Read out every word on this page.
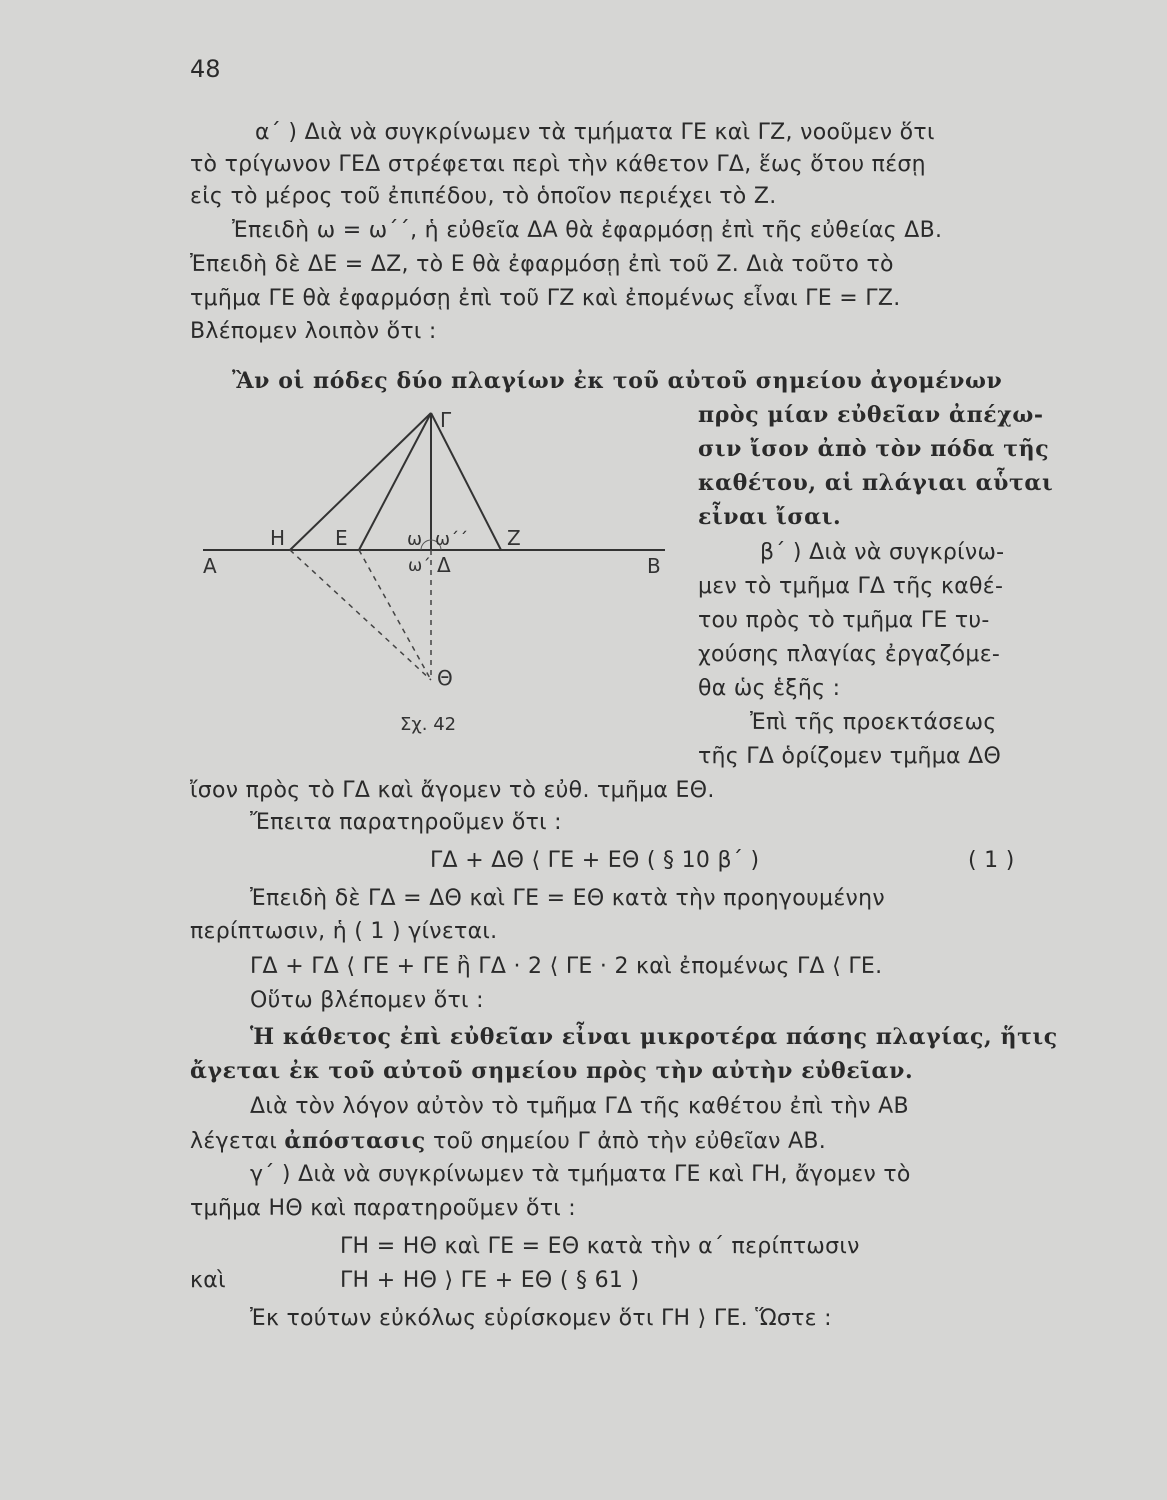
48
α΄ ) Διὰ νὰ συγκρίνωμεν τὰ τμήματα ΓΕ καὶ ΓΖ, νοοῦμεν ὅτι
τὸ τρίγωνον ΓΕΔ στρέφεται περὶ τὴν κάθετον ΓΔ, ἕως ὅτου πέσῃ
εἰς τὸ μέρος τοῦ ἐπιπέδου, τὸ ὁποῖον περιέχει τὸ Ζ.
Ἐπειδὴ ω = ω΄΄, ἡ εὐθεῖα ΔΑ θὰ ἐφαρμόσῃ ἐπὶ τῆς εὐθείας ΔΒ.
Ἐπειδὴ δὲ ΔΕ = ΔΖ, τὸ Ε θὰ ἐφαρμόσῃ ἐπὶ τοῦ Ζ. Διὰ τοῦτο τὸ
τμῆμα ΓΕ θὰ ἐφαρμόσῃ ἐπὶ τοῦ ΓΖ καὶ ἐπομένως εἶναι ΓΕ = ΓΖ.
Βλέπομεν λοιπὸν ὅτι :
Ἂν οἱ πόδες δύο πλαγίων ἐκ τοῦ αὐτοῦ σημείου ἀγομένων
πρὸς μίαν εὐθεῖαν ἀπέχω-
σιν ἴσον ἀπὸ τὸν πόδα τῆς
καθέτου, αἱ πλάγιαι αὗται
εἶναι ἴσαι.
β΄ ) Διὰ νὰ συγκρίνω-
μεν τὸ τμῆμα ΓΔ τῆς καθέ-
του πρὸς τὸ τμῆμα ΓΕ τυ-
χούσης πλαγίας ἐργαζόμε-
θα ὡς ἑξῆς :
Ἐπὶ τῆς προεκτάσεως
τῆς ΓΔ ὁρίζομεν τμῆμα ΔΘ
ἴσον πρὸς τὸ ΓΔ καὶ ἄγομεν τὸ εὐθ. τμῆμα ΕΘ.
Ἔπειτα παρατηροῦμεν ὅτι :
ΓΔ + ΔΘ ⟨ ΓΕ + ΕΘ ( § 10 β΄ )	( 1 )
Ἐπειδὴ δὲ ΓΔ = ΔΘ καὶ ΓΕ = ΕΘ κατὰ τὴν προηγουμένην
περίπτωσιν, ἡ ( 1 ) γίνεται.
ΓΔ + ΓΔ ⟨ ΓΕ + ΓΕ ἢ ΓΔ · 2 ⟨ ΓΕ · 2 καὶ ἐπομένως ΓΔ ⟨ ΓΕ.
Οὕτω βλέπομεν ὅτι :
Ἡ κάθετος ἐπὶ εὐθεῖαν εἶναι μικροτέρα πάσης πλαγίας, ἥτις
ἄγεται ἐκ τοῦ αὐτοῦ σημείου πρὸς τὴν αὐτὴν εὐθεῖαν.
Διὰ τὸν λόγον αὐτὸν τὸ τμῆμα ΓΔ τῆς καθέτου ἐπὶ τὴν ΑΒ
λέγεται ἀπόστασις τοῦ σημείου Γ ἀπὸ τὴν εὐθεῖαν ΑΒ.
γ΄ ) Διὰ νὰ συγκρίνωμεν τὰ τμήματα ΓΕ καὶ ΓΗ, ἄγομεν τὸ
τμῆμα ΗΘ καὶ παρατηροῦμεν ὅτι :
ΓΗ = ΗΘ καὶ ΓΕ = ΕΘ κατὰ τὴν α΄ περίπτωσιν
καὶ	ΓΗ + ΗΘ ⟩ ΓΕ + ΕΘ ( § 61 )
Ἐκ τούτων εὐκόλως εὑρίσκομεν ὅτι ΓΗ ⟩ ΓΕ. Ὥστε :
Γ
Α	Β
Η Ε	Ζ
ω ω΄΄
ω΄ Δ
Θ
Σχ. 42
